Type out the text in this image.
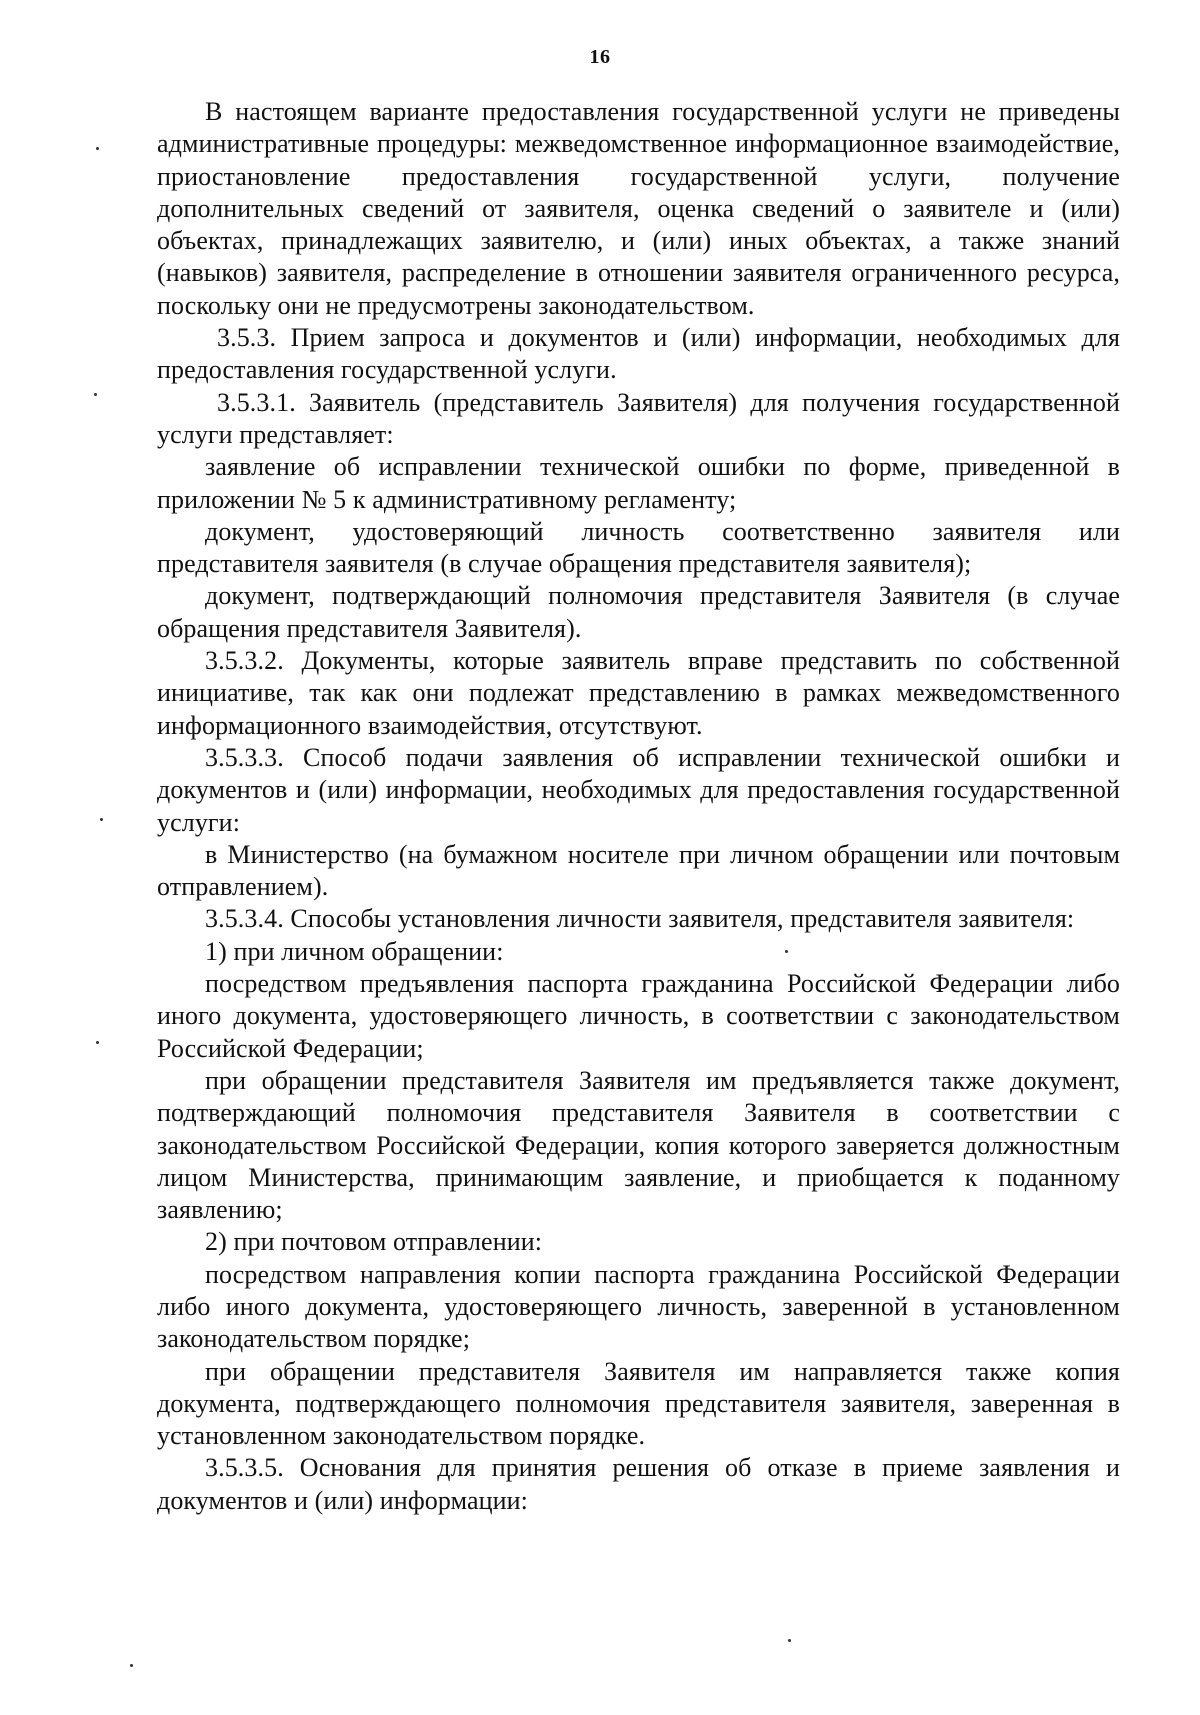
16

В настоящем варианте предоставления государственной услуги не приведены административные процедуры: межведомственное информационное взаимодействие, приостановление предоставления государственной услуги, получение дополнительных сведений от заявителя, оценка сведений о заявителе и (или) объектах, принадлежащих заявителю, и (или) иных объектах, а также знаний (навыков) заявителя, распределение в отношении заявителя ограниченного ресурса, поскольку они не предусмотрены законодательством.

3.5.3. Прием запроса и документов и (или) информации, необходимых для предоставления государственной услуги.

3.5.3.1. Заявитель (представитель Заявителя) для получения государственной услуги представляет:

заявление об исправлении технической ошибки по форме, приведенной в приложении № 5 к административному регламенту;

документ, удостоверяющий личность соответственно заявителя или представителя заявителя (в случае обращения представителя заявителя);

документ, подтверждающий полномочия представителя Заявителя (в случае обращения представителя Заявителя).

3.5.3.2. Документы, которые заявитель вправе представить по собственной инициативе, так как они подлежат представлению в рамках межведомственного информационного взаимодействия, отсутствуют.

3.5.3.3. Способ подачи заявления об исправлении технической ошибки и документов и (или) информации, необходимых для предоставления государственной услуги:

в Министерство (на бумажном носителе при личном обращении или почтовым отправлением).

3.5.3.4. Способы установления личности заявителя, представителя заявителя:

1) при личном обращении:

посредством предъявления паспорта гражданина Российской Федерации либо иного документа, удостоверяющего личность, в соответствии с законодательством Российской Федерации;

при обращении представителя Заявителя им предъявляется также документ, подтверждающий полномочия представителя Заявителя в соответствии с законодательством Российской Федерации, копия которого заверяется должностным лицом Министерства, принимающим заявление, и приобщается к поданному заявлению;

2) при почтовом отправлении:

посредством направления копии паспорта гражданина Российской Федерации либо иного документа, удостоверяющего личность, заверенной в установленном законодательством порядке;

при обращении представителя Заявителя им направляется также копия документа, подтверждающего полномочия представителя заявителя, заверенная в установленном законодательством порядке.

3.5.3.5. Основания для принятия решения об отказе в приеме заявления и документов и (или) информации:
